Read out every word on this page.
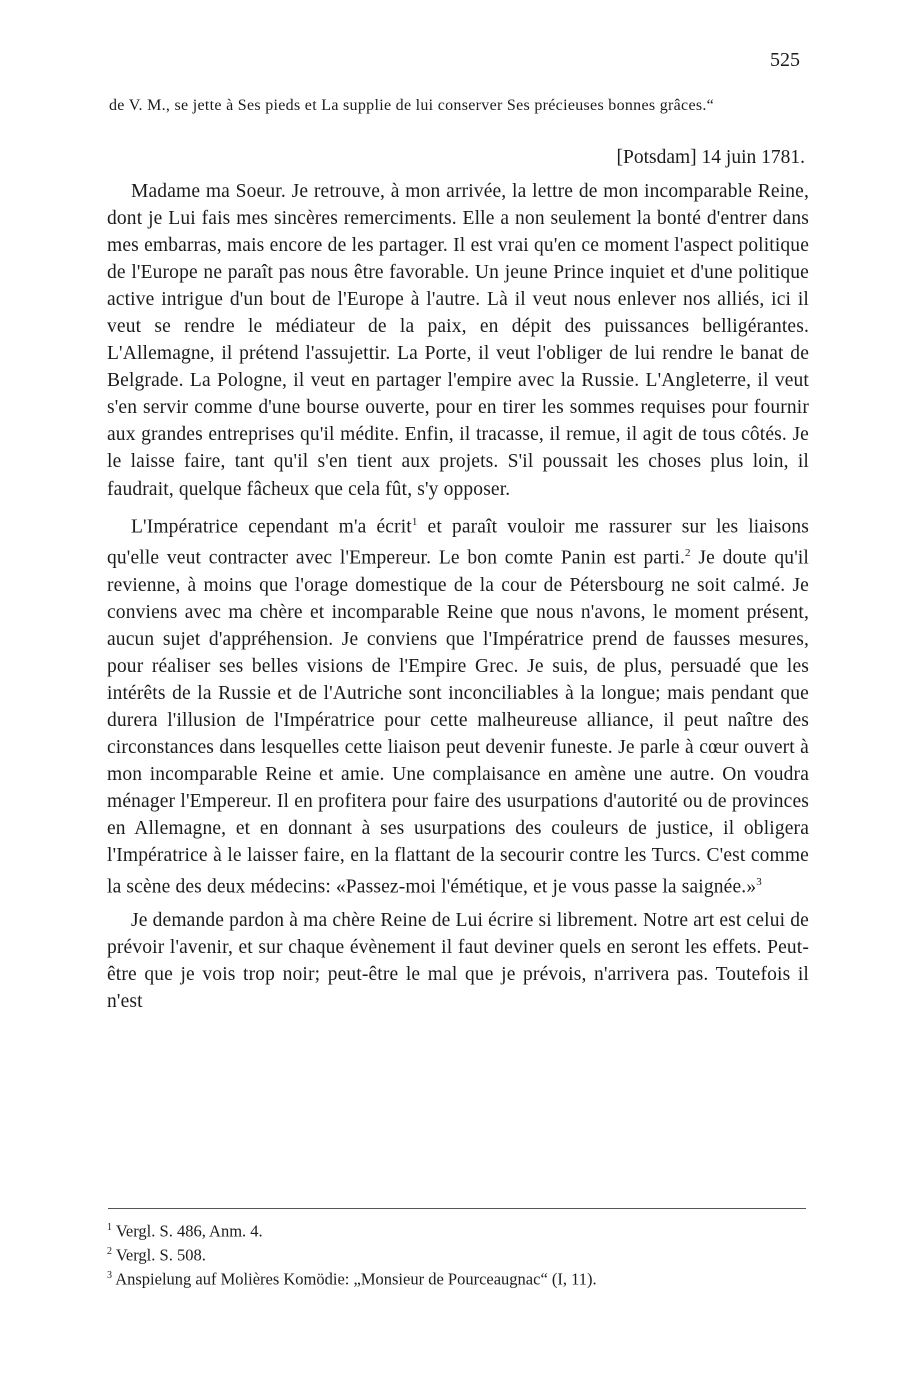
525
de V. M., se jette à Ses pieds et La supplie de lui conserver Ses précieuses bonnes grâces.“
[Potsdam] 14 juin 1781.

Madame ma Soeur. Je retrouve, à mon arrivée, la lettre de mon incomparable Reine, dont je Lui fais mes sincères remerciments. Elle a non seulement la bonté d'entrer dans mes embarras, mais encore de les partager. Il est vrai qu'en ce moment l'aspect politique de l'Europe ne paraît pas nous être favorable. Un jeune Prince inquiet et d'une politique active intrigue d'un bout de l'Europe à l'autre. Là il veut nous enlever nos alliés, ici il veut se rendre le médiateur de la paix, en dépit des puissances belligérantes. L'Allemagne, il prétend l'assujettir. La Porte, il veut l'obliger de lui rendre le banat de Belgrade. La Pologne, il veut en partager l'empire avec la Russie. L'Angleterre, il veut s'en servir comme d'une bourse ouverte, pour en tirer les sommes requises pour fournir aux grandes entreprises qu'il médite. Enfin, il tracasse, il remue, il agit de tous côtés. Je le laisse faire, tant qu'il s'en tient aux projets. S'il poussait les choses plus loin, il faudrait, quelque fâcheux que cela fût, s'y opposer.

L'Impératrice cependant m'a écrit$^1$ et paraît vouloir me rassurer sur les liaisons qu'elle veut contracter avec l'Empereur. Le bon comte Panin est parti.$^2$ Je doute qu'il revienne, à moins que l'orage domestique de la cour de Pétersbourg ne soit calmé. Je conviens avec ma chère et incomparable Reine que nous n'avons, le moment présent, aucun sujet d'appréhension. Je conviens que l'Impératrice prend de fausses mesures, pour réaliser ses belles visions de l'Empire Grec. Je suis, de plus, persuadé que les intérêts de la Russie et de l'Autriche sont inconciliables à la longue; mais pendant que durera l'illusion de l'Impératrice pour cette malheureuse alliance, il peut naître des circonstances dans lesquelles cette liaison peut devenir funeste. Je parle à cœur ouvert à mon incomparable Reine et amie. Une complaisance en amène une autre. On voudra ménager l'Empereur. Il en profitera pour faire des usurpations d'autorité ou de provinces en Allemagne, et en donnant à ses usurpations des couleurs de justice, il obligera l'Impératrice à le laisser faire, en la flattant de la secourir contre les Turcs. C'est comme la scène des deux médecins: «Passez-moi l'émétique, et je vous passe la saignée.»$^3$

Je demande pardon à ma chère Reine de Lui écrire si librement. Notre art est celui de prévoir l'avenir, et sur chaque évènement il faut deviner quels en seront les effets. Peut-être que je vois trop noir; peut-être le mal que je prévois, n'arrivera pas. Toutefois il n'est

$^1$ Vergl. S. 486, Anm. 4.
$^2$ Vergl. S. 508.
$^3$ Anspielung auf Molières Komödie: „Monsieur de Pourceaugnac“ (I, 11).
